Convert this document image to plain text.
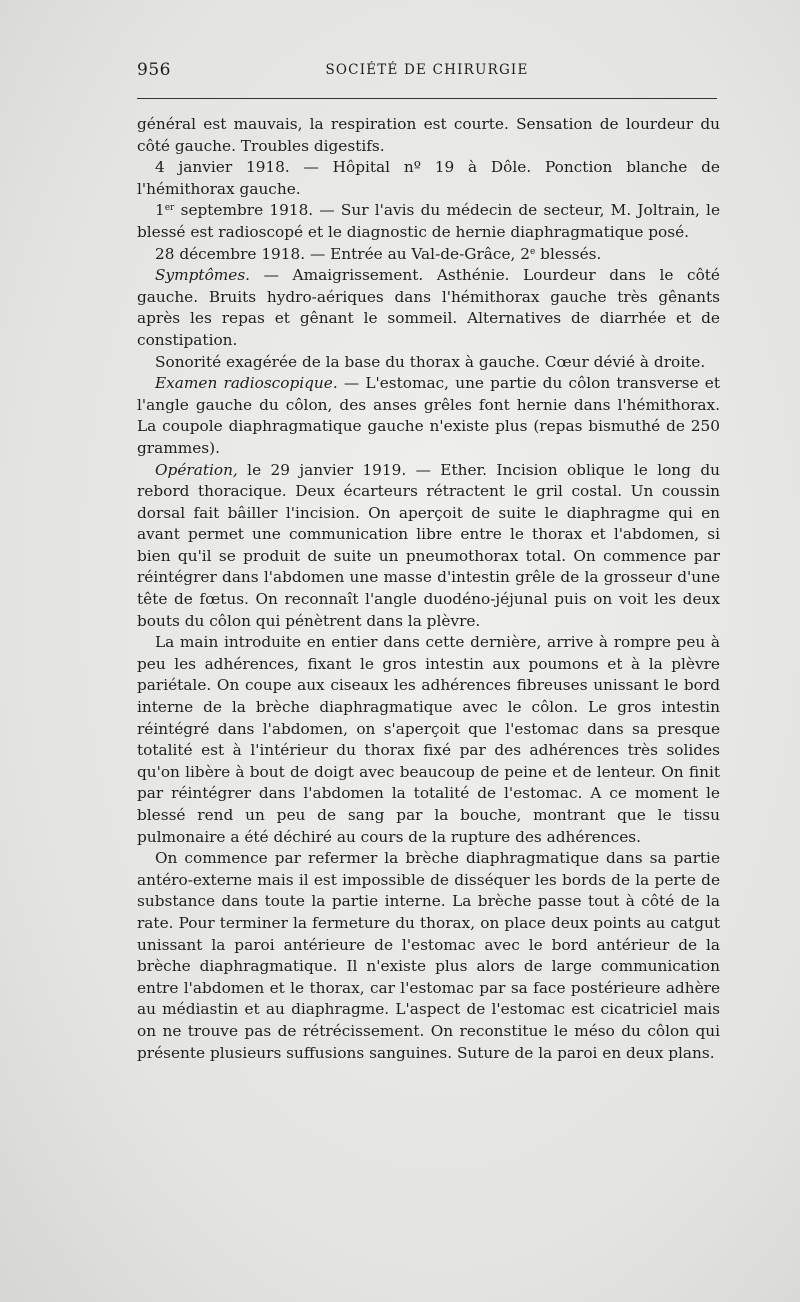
956	SOCIÉTÉ DE CHIRURGIE

général est mauvais, la respiration est courte. Sensation de lourdeur du côté gauche. Troubles digestifs.

4 janvier 1918. — Hôpital nº 19 à Dôle. Ponction blanche de l'hémithorax gauche.

1er septembre 1918. — Sur l'avis du médecin de secteur, M. Joltrain, le blessé est radioscopé et le diagnostic de hernie diaphragmatique posé.

28 décembre 1918. — Entrée au Val-de-Grâce, 2e blessés.

Symptômes. — Amaigrissement. Asthénie. Lourdeur dans le côté gauche. Bruits hydro-aériques dans l'hémithorax gauche très gênants après les repas et gênant le sommeil. Alternatives de diarrhée et de constipation.

Sonorité exagérée de la base du thorax à gauche. Cœur dévié à droite.

Examen radioscopique. — L'estomac, une partie du côlon transverse et l'angle gauche du côlon, des anses grêles font hernie dans l'hémithorax. La coupole diaphragmatique gauche n'existe plus (repas bismuthé de 250 grammes).

Opération, le 29 janvier 1919. — Ether. Incision oblique le long du rebord thoracique. Deux écarteurs rétractent le gril costal. Un coussin dorsal fait bâiller l'incision. On aperçoit de suite le diaphragme qui en avant permet une communication libre entre le thorax et l'abdomen, si bien qu'il se produit de suite un pneumothorax total. On commence par réintégrer dans l'abdomen une masse d'intestin grêle de la grosseur d'une tête de fœtus. On reconnaît l'angle duodéno-jéjunal puis on voit les deux bouts du côlon qui pénètrent dans la plèvre.

La main introduite en entier dans cette dernière, arrive à rompre peu à peu les adhérences, fixant le gros intestin aux poumons et à la plèvre pariétale. On coupe aux ciseaux les adhérences fibreuses unissant le bord interne de la brèche diaphragmatique avec le côlon. Le gros intestin réintégré dans l'abdomen, on s'aperçoit que l'estomac dans sa presque totalité est à l'intérieur du thorax fixé par des adhérences très solides qu'on libère à bout de doigt avec beaucoup de peine et de lenteur. On finit par réintégrer dans l'abdomen la totalité de l'estomac. A ce moment le blessé rend un peu de sang par la bouche, montrant que le tissu pulmonaire a été déchiré au cours de la rupture des adhérences.

On commence par refermer la brèche diaphragmatique dans sa partie antéro-externe mais il est impossible de disséquer les bords de la perte de substance dans toute la partie interne. La brèche passe tout à côté de la rate. Pour terminer la fermeture du thorax, on place deux points au catgut unissant la paroi antérieure de l'estomac avec le bord antérieur de la brèche diaphragmatique. Il n'existe plus alors de large communication entre l'abdomen et le thorax, car l'estomac par sa face postérieure adhère au médiastin et au diaphragme. L'aspect de l'estomac est cicatriciel mais on ne trouve pas de rétrécissement. On reconstitue le méso du côlon qui présente plusieurs suffusions sanguines. Suture de la paroi en deux plans.
